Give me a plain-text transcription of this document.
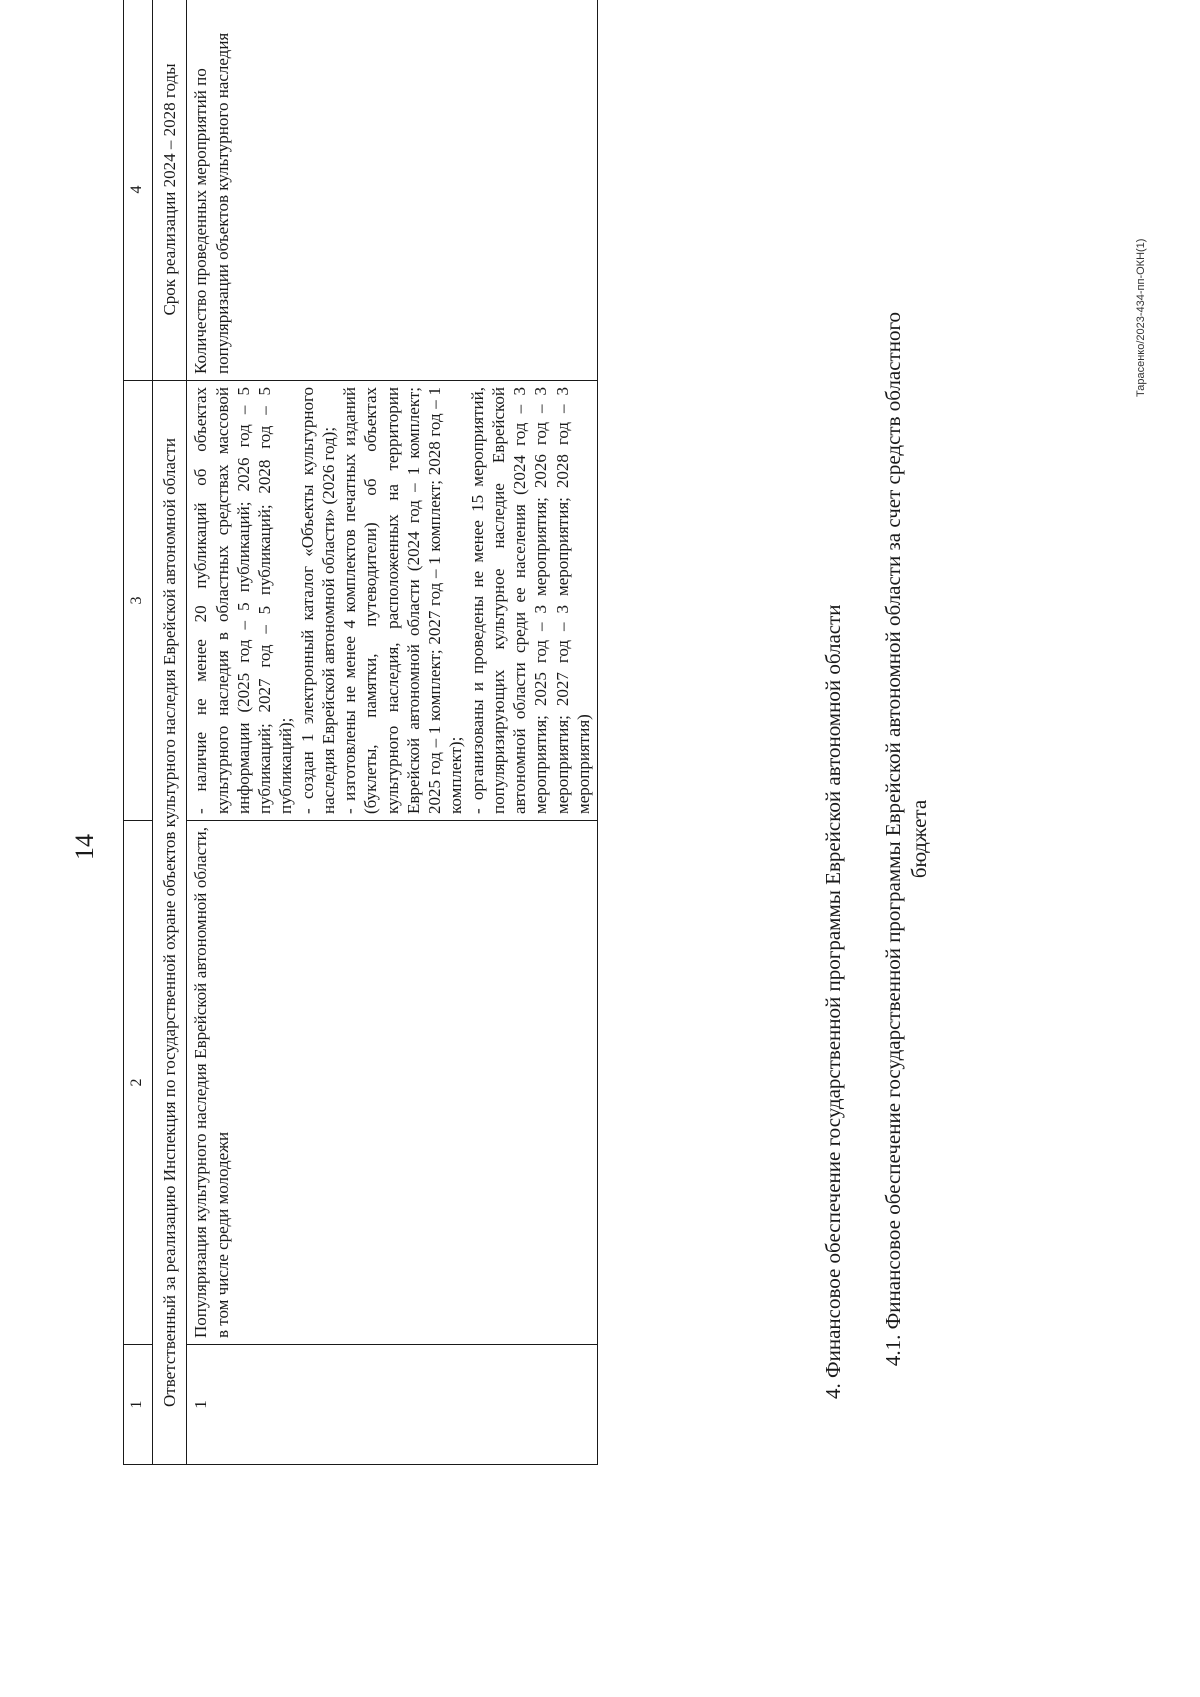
14
1	2	3	4
Ответственный за реализацию Инспекция по государственной охране объектов культурного наследия Еврейской автономной области			Срок реализации 2024 – 2028 годы
1	Популяризация культурного наследия Еврейской автономной области, в том числе среди молодежи	- наличие не менее 20 публикаций об объектах культурного наследия в областных средствах массовой информации (2025 год – 5 публикаций; 2026 год – 5 публикаций; 2027 год – 5 публикаций; 2028 год – 5 публикаций); - создан 1 электронный каталог «Объекты культурного наследия Еврейской автономной области» (2026 год); - изготовлены не менее 4 комплектов печатных изданий (буклеты, памятки, путеводители) об объектах культурного наследия, расположенных на территории Еврейской автономной области (2024 год – 1 комплект; 2025 год – 1 комплект; 2027 год – 1 комплект; 2028 год – 1 комплект); - организованы и проведены не менее 15 мероприятий, популяризирующих культурное наследие Еврейской автономной области среди ее населения (2024 год – 3 мероприятия; 2025 год – 3 мероприятия; 2026 год – 3 мероприятия; 2027 год – 3 мероприятия; 2028 год – 3 мероприятия)	Количество проведенных мероприятий по популяризации объектов культурного наследия
4. Финансовое обеспечение государственной программы Еврейской автономной области 4.1. Финансовое обеспечение государственной программы Еврейской автономной области за счет средств областного бюджета
Тарасенко/2023-434-пп-ОКН(1)
